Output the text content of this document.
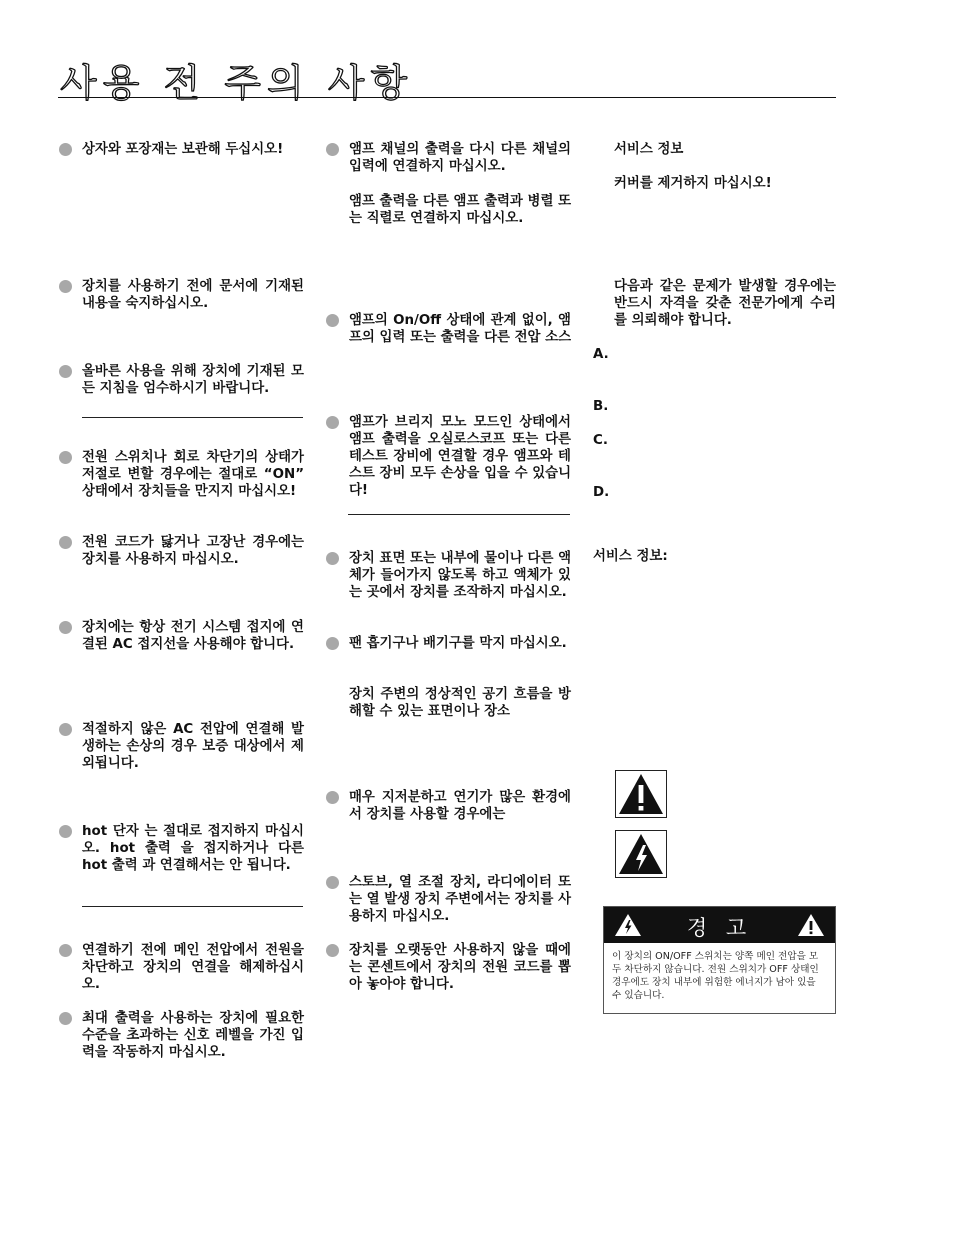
사용 전 주의 사항
상자와 포장재는 보관해 두십시오!
장치를 사용하기 전에 문서에 기재된 내용을 숙지하십시오.
올바른 사용을 위해 장치에 기재된 모든 지침을 엄수하시기 바랍니다.
전원 스위치나 회로 차단기의 상태가 저절로 변할 경우에는 절대로 “ON” 상태에서 장치들을 만지지 마십시오!
전원 코드가 닳거나 고장난 경우에는 장치를 사용하지 마십시오.
장치에는 항상 전기 시스템 접지에 연결된 AC 접지선을 사용해야 합니다.
적절하지 않은 AC 전압에 연결해 발생하는 손상의 경우 보증 대상에서 제외됩니다.
hot 단자 는 절대로 접지하지 마십시오. hot 출력 을 접지하거나 다른 hot 출력 과 연결해서는 안 됩니다.
연결하기 전에 메인 전압에서 전원을 차단하고 장치의 연결을 해제하십시오.
최대 출력을 사용하는 장치에 필요한 수준을 초과하는 신호 레벨을 가진 입력을 작동하지 마십시오.
앰프 채널의 출력을 다시 다른 채널의 입력에 연결하지 마십시오.
앰프 출력을 다른 앰프 출력과 병렬 또는 직렬로 연결하지 마십시오.
앰프의 On/Off 상태에 관계 없이, 앰프의 입력 또는 출력을 다른 전압 소스
앰프가 브리지 모노 모드인 상태에서 앰프 출력을 오실로스코프 또는 다른 테스트 장비에 연결할 경우 앰프와 테스트 장비 모두 손상을 입을 수 있습니다!
장치 표면 또는 내부에 물이나 다른 액체가 들어가지 않도록 하고 액체가 있는 곳에서 장치를 조작하지 마십시오.
팬 흡기구나 배기구를 막지 마십시오.
장치 주변의 정상적인 공기 흐름을 방해할 수 있는 표면이나 장소
매우 지저분하고 연기가 많은 환경에서 장치를 사용할 경우에는
스토브, 열 조절 장치, 라디에이터 또는 열 발생 장치 주변에서는 장치를 사용하지 마십시오.
장치를 오랫동안 사용하지 않을 때에는 콘센트에서 장치의 전원 코드를 뽑아 놓아야 합니다.
서비스 정보
커버를 제거하지 마십시오!
다음과 같은 문제가 발생할 경우에는 반드시 자격을 갖춘 전문가에게 수리를 의뢰해야 합니다.
A.
B.
C.
D.
서비스 정보:
경 고
이 장치의 ON/OFF 스위치는 양쪽 메인 전압을 모두 차단하지 않습니다. 전원 스위치가 OFF 상태인 경우에도 장치 내부에 위험한 에너지가 남아 있을 수 있습니다.
